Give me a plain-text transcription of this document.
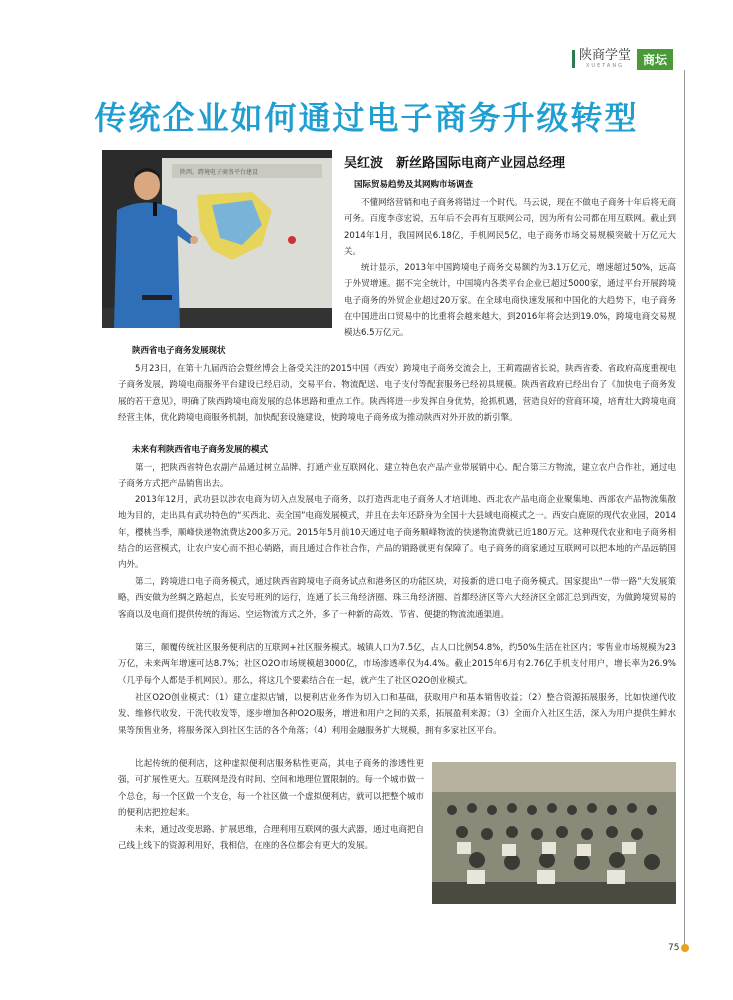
陕商学堂
XUETANG	商坛
传统企业如何通过电子商务升级转型
陕西，跨境电子商务平台建设
吴红波　新丝路国际电商产业园总经理
国际贸易趋势及其网购市场调查
不懂网络营销和电子商务将错过一个时代。马云说，现在不做电子商务十年后将无商可务。百度李彦宏说，五年后不会再有互联网公司，因为所有公司都在用互联网。截止到2014年1月，我国网民6.18亿，手机网民5亿，电子商务市场交易规模突破十万亿元大关。
统计显示，2013年中国跨境电子商务交易额约为3.1万亿元，增速超过50%，远高于外贸增速。据不完全统计，中国境内各类平台企业已超过5000家，通过平台开展跨境电子商务的外贸企业超过20万家。在全球电商快速发展和中国化的大趋势下，电子商务在中国进出口贸易中的比重将会越来越大，到2016年将会达到19.0%，跨境电商交易规模达6.5万亿元。
陕西省电子商务发展现状
5月23日，在第十九届西洽会暨丝博会上备受关注的2015中国（西安）跨境电子商务交流会上，王莉霞副省长说，陕西省委、省政府高度重视电子商务发展，跨境电商服务平台建设已经启动，交易平台、物流配送、电子支付等配套服务已经初具规模。陕西省政府已经出台了《加快电子商务发展的若干意见》，明确了陕西跨境电商发展的总体思路和重点工作。陕西将进一步发挥自身优势，抢抓机遇，营造良好的营商环境，培育壮大跨境电商经营主体，优化跨境电商服务机制，加快配套设施建设，使跨境电子商务成为推动陕西对外开放的新引擎。
未来有利陕西省电子商务发展的模式
第一，把陕西省特色农副产品通过树立品牌、打通产业互联网化、建立特色农产品产业带展销中心、配合第三方物流，建立农户合作社，通过电子商务方式把产品销售出去。
2013年12月，武功县以涉农电商为切入点发展电子商务，以打造西北电子商务人才培训地、西北农产品电商企业聚集地、西部农产品物流集散地为目的，走出具有武功特色的“买西北、卖全国”电商发展模式，并且在去年还跻身为全国十大县域电商模式之一。西安白鹿原的现代农业园，2014年，樱桃当季，顺峰快递物流费达200多万元。2015年5月前10天通过电子商务顺峰物流的快递物流费就已近180万元。这种现代农业和电子商务相结合的运营模式，让农户安心而不担心销路，而且通过合作社合作，产品的销路就更有保障了。电子商务的商家通过互联网可以把本地的产品远销国内外。
第二，跨境进口电子商务模式，通过陕西省跨境电子商务试点和港务区的功能区块，对接新的进口电子商务模式。国家提出“一带一路”大发展策略，西安做为丝绸之路起点，长安号班列的运行，连通了长三角经济圈、珠三角经济圈、首都经济区等六大经济区全部汇总到西安，为做跨境贸易的客商以及电商们提供传统的海运、空运物流方式之外，多了一种新的高效、节省、便捷的物流流通渠道。
第三，颠覆传统社区服务便利店的互联网+社区服务模式。城镇人口为7.5亿，占人口比例54.8%，约50%生活在社区内；零售业市场规模为23万亿，未来两年增速可达8.7%；社区O2O市场规模超3000亿，市场渗透率仅为4.4%。截止2015年6月有2.76亿手机支付用户，增长率为26.9%（几乎每个人都是手机网民）。那么，将这几个要素结合在一起，就产生了社区O2O创业模式。
社区O2O创业模式：（1）建立虚拟店铺，以便利店业务作为切入口和基础，获取用户和基本销售收益；（2）整合资源拓展服务，比如快递代收发、维修代收发、干洗代收发等，逐步增加各种O2O服务，增进和用户之间的关系，拓展盈利来源；（3）全面介入社区生活，深入为用户提供生鲜水果等预售业务，将服务深入到社区生活的各个角落；（4）利用金融服务扩大规模，拥有多家社区平台。
比起传统的便利店，这种虚拟便利店服务粘性更高，其电子商务的渗透性更强，可扩展性更大。互联网是没有时间、空间和地理位置限制的。每一个城市做一个总仓，每一个区做一个支仓，每一个社区做一个虚拟便利店，就可以把整个城市的便利店把控起来。
未来，通过改变思路、扩展思维，合理利用互联网的强大武器，通过电商把自己线上线下的资源利用好，我相信，在座的各位都会有更大的发展。
75
